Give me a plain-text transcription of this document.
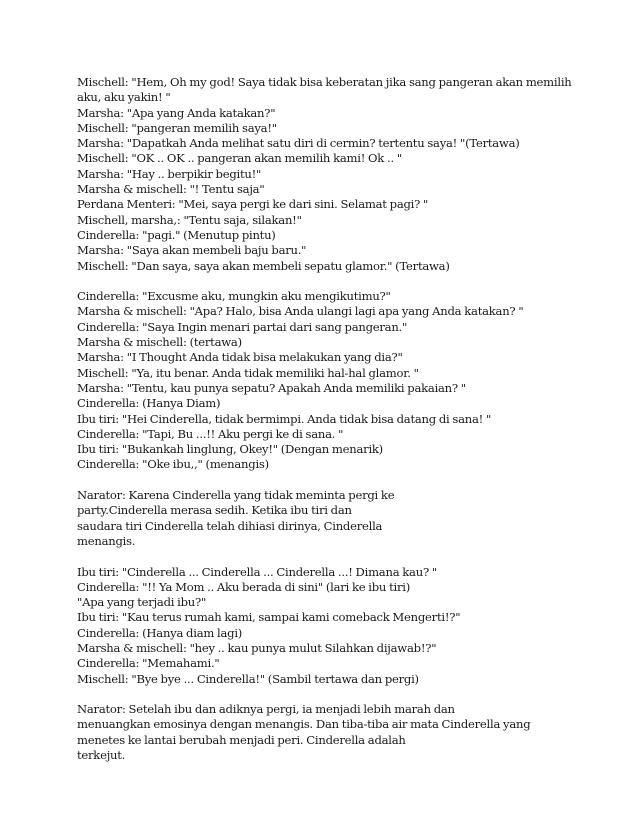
Mischell: "Hem, Oh my god! Saya tidak bisa keberatan jika sang pangeran akan memilih
aku, aku yakin! "
Marsha: "Apa yang Anda katakan?"
Mischell: "pangeran memilih saya!"
Marsha: "Dapatkah Anda melihat satu diri di cermin? tertentu saya! "(Tertawa)
Mischell: "OK .. OK .. pangeran akan memilih kami! Ok .. "
Marsha: "Hay .. berpikir begitu!"
Marsha & mischell: "! Tentu saja"
Perdana Menteri: "Mei, saya pergi ke dari sini. Selamat pagi? "
Mischell, marsha,: "Tentu saja, silakan!"
Cinderella: "pagi." (Menutup pintu)
Marsha: "Saya akan membeli baju baru."
Mischell: "Dan saya, saya akan membeli sepatu glamor." (Tertawa)
Cinderella: "Excusme aku, mungkin aku mengikutimu?"
Marsha & mischell: "Apa? Halo, bisa Anda ulangi lagi apa yang Anda katakan? "
Cinderella: "Saya Ingin menari partai dari sang pangeran."
Marsha & mischell: (tertawa)
Marsha: "I Thought Anda tidak bisa melakukan yang dia?"
Mischell: "Ya, itu benar. Anda tidak memiliki hal-hal glamor. "
Marsha: "Tentu, kau punya sepatu? Apakah Anda memiliki pakaian? "
Cinderella: (Hanya Diam)
Ibu tiri: "Hei Cinderella, tidak bermimpi. Anda tidak bisa datang di sana! "
Cinderella: "Tapi, Bu ...!! Aku pergi ke di sana. "
Ibu tiri: "Bukankah linglung, Okey!" (Dengan menarik)
Cinderella: "Oke ibu,," (menangis)
Narator: Karena Cinderella yang tidak meminta pergi ke
party.Cinderella merasa sedih. Ketika ibu tiri dan
saudara tiri Cinderella telah dihiasi dirinya, Cinderella
menangis.
Ibu tiri: "Cinderella ... Cinderella ... Cinderella ...! Dimana kau? "
Cinderella: "!! Ya Mom .. Aku berada di sini" (lari ke ibu tiri)
"Apa yang terjadi ibu?"
Ibu tiri: "Kau terus rumah kami, sampai kami comeback Mengerti!?"
Cinderella: (Hanya diam lagi)
Marsha & mischell: "hey .. kau punya mulut Silahkan dijawab!?"
Cinderella: "Memahami."
Mischell: "Bye bye ... Cinderella!" (Sambil tertawa dan pergi)
Narator: Setelah ibu dan adiknya pergi, ia menjadi lebih marah dan
menuangkan emosinya dengan menangis. Dan tiba-tiba air mata Cinderella yang
menetes ke lantai berubah menjadi peri. Cinderella adalah
terkejut.
